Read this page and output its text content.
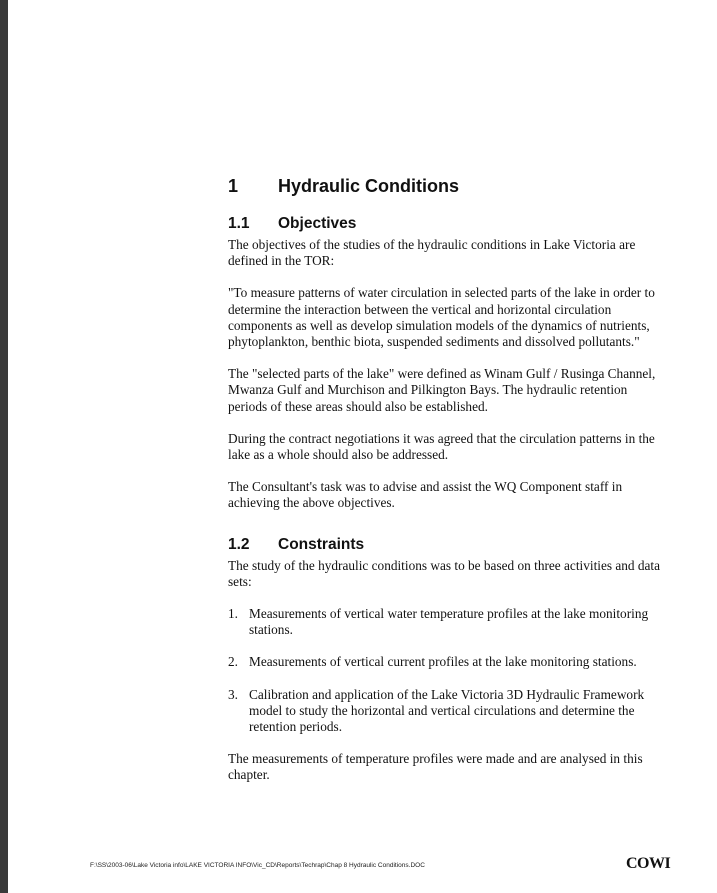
1	Hydraulic Conditions
1.1	Objectives

The objectives of the studies of the hydraulic conditions in Lake Victoria are defined in the TOR:

"To measure patterns of water circulation in selected parts of the lake in order to determine the interaction between the vertical and horizontal circulation components as well as develop simulation models of the dynamics of nutrients, phytoplankton, benthic biota, suspended sediments and dissolved pollutants."

The "selected parts of the lake" were defined as Winam Gulf / Rusinga Channel, Mwanza Gulf and Murchison and Pilkington Bays. The hydraulic retention periods of these areas should also be established.

During the contract negotiations it was agreed that the circulation patterns in the lake as a whole should also be addressed.

The Consultant's task was to advise and assist the WQ Component staff in achieving the above objectives.

1.2	Constraints

The study of the hydraulic conditions was to be based on three activities and data sets:

1. Measurements of vertical water temperature profiles at the lake monitoring stations.
2. Measurements of vertical current profiles at the lake monitoring stations.
3. Calibration and application of the Lake Victoria 3D Hydraulic Framework model to study the horizontal and vertical circulations and determine the retention periods.

The measurements of temperature profiles were made and are analysed in this chapter.

F:\SS\2003-06\Lake Victoria info\LAKE VICTORIA INFO\Vic_CD\Reports\Techrap\Chap 8 Hydraulic Conditions.DOC	COWI
